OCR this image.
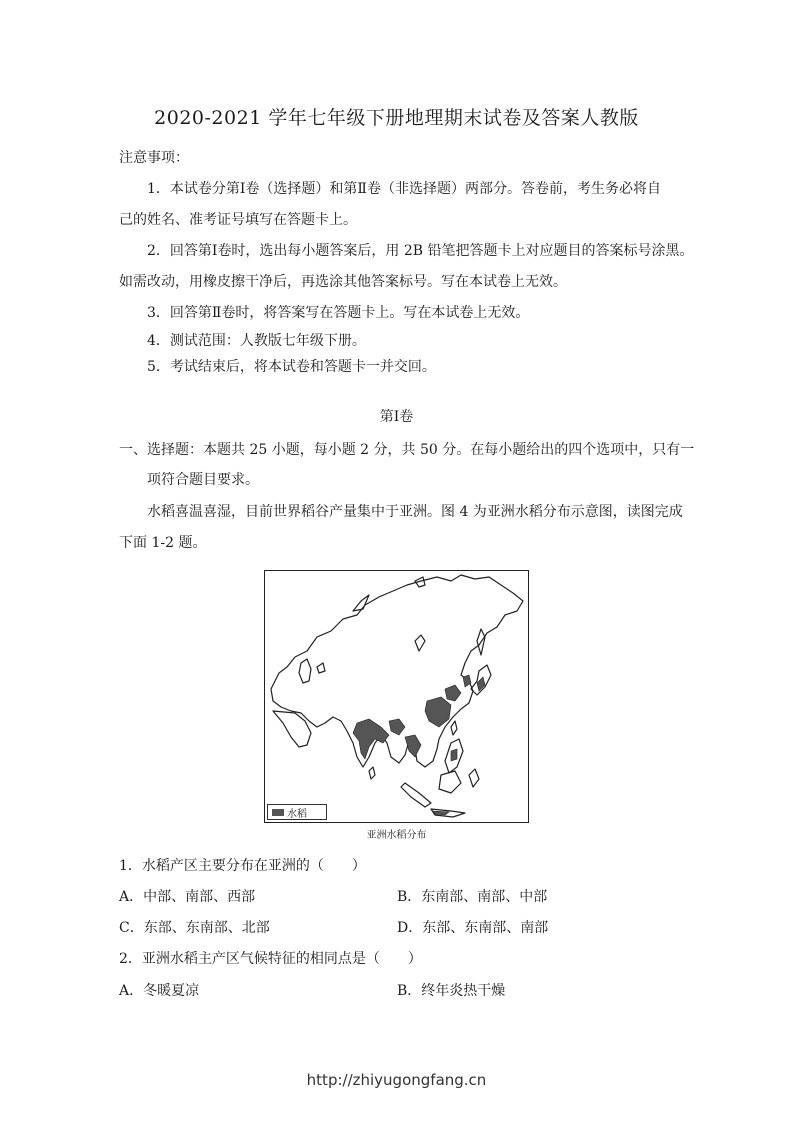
2020-2021 学年七年级下册地理期末试卷及答案人教版
注意事项：
1．本试卷分第Ⅰ卷（选择题）和第Ⅱ卷（非选择题）两部分。答卷前，考生务必将自
己的姓名、准考证号填写在答题卡上。
2．回答第Ⅰ卷时，选出每小题答案后，用 2B 铅笔把答题卡上对应题目的答案标号涂黑。
如需改动，用橡皮擦干净后，再选涂其他答案标号。写在本试卷上无效。
3．回答第Ⅱ卷时，将答案写在答题卡上。写在本试卷上无效。
4．测试范围：人教版七年级下册。
5．考试结束后，将本试卷和答题卡一并交回。
第Ⅰ卷
一、选择题：本题共 25 小题，每小题 2 分，共 50 分。在每小题给出的四个选项中，只有一
项符合题目要求。
水稻喜温喜湿，目前世界稻谷产量集中于亚洲。图 4 为亚洲水稻分布示意图，读图完成
下面 1-2 题。
水稻
亚洲水稻分布
1．水稻产区主要分布在亚洲的（　　）
A．中部、南部、西部	B．东南部、南部、中部
C．东部、东南部、北部	D．东部、东南部、南部
2．亚洲水稻主产区气候特征的相同点是（　　）
A．冬暖夏凉	B．终年炎热干燥
http://zhiyugongfang.cn
